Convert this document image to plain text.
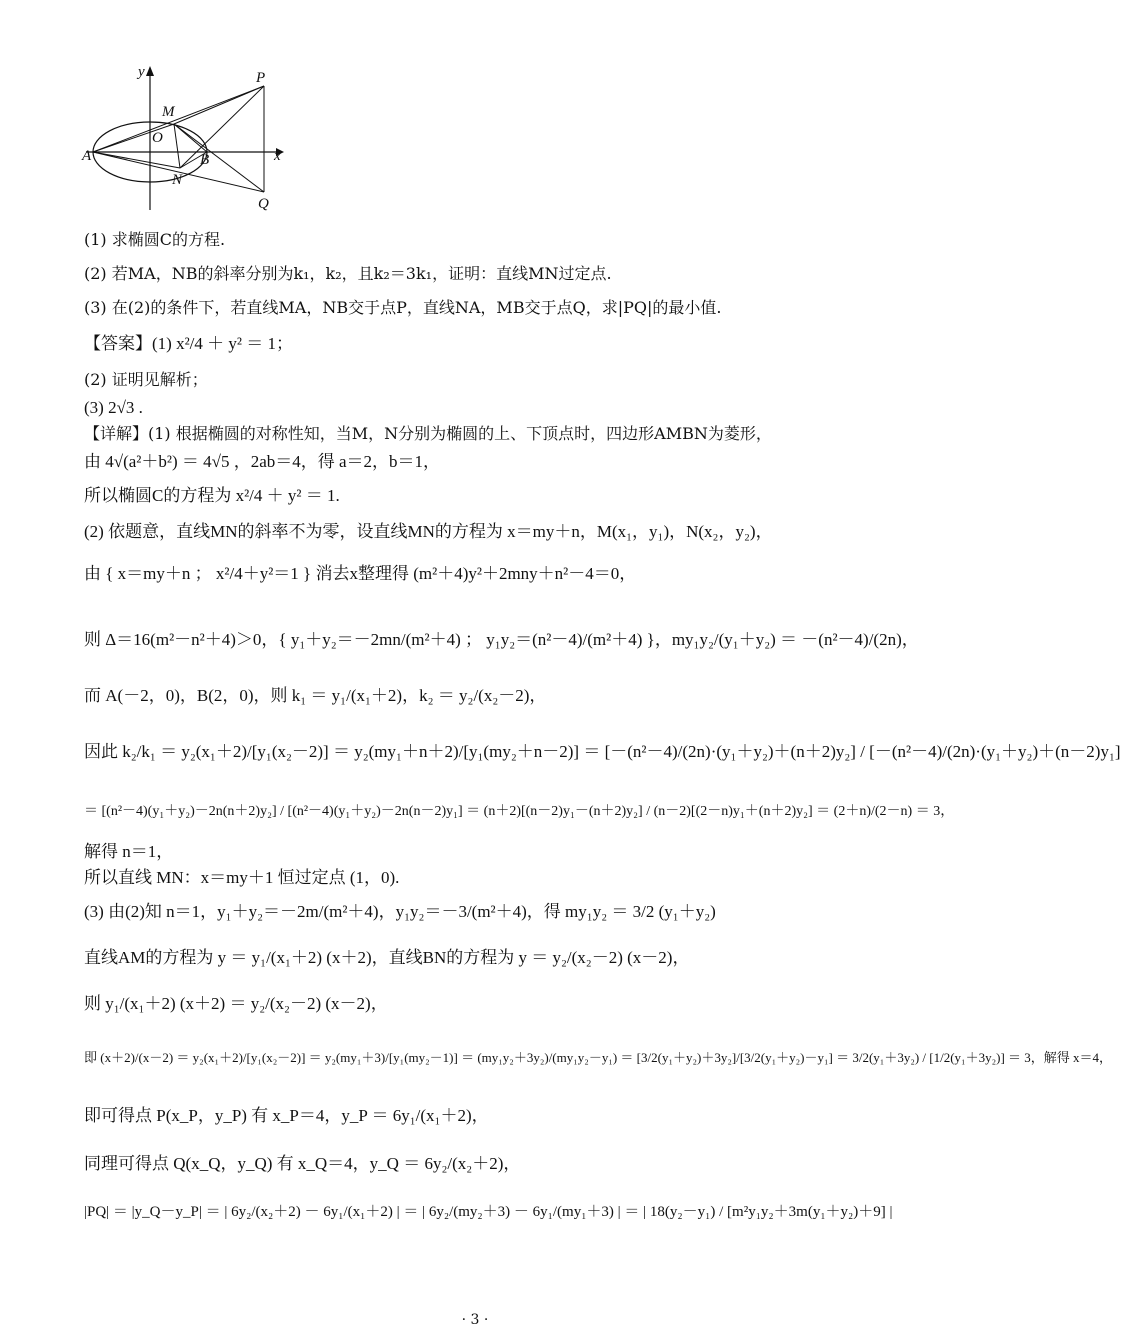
y
x
P
M
O
A	B
N
Q
(1) 求椭圆C的方程.
(2) 若MA，NB的斜率分别为k₁，k₂，且k₂＝3k₁，证明：直线MN过定点.
(3) 在(2)的条件下，若直线MA，NB交于点P，直线NA，MB交于点Q，求|PQ|的最小值.
【答案】(1) x²/4 ＋ y² ＝ 1；
(2) 证明见解析；
(3) 2√3 .
【详解】(1) 根据椭圆的对称性知，当M，N分别为椭圆的上、下顶点时，四边形AMBN为菱形，
由 4√(a²＋b²) ＝ 4√5 ，2ab＝4，得 a＝2，b＝1，
所以椭圆C的方程为 x²/4 ＋ y² ＝ 1.
(2) 依题意，直线MN的斜率不为零，设直线MN的方程为 x＝my＋n，M(x₁，y₁)，N(x₂，y₂)，
由 { x＝my＋n ； x²/4＋y²＝1 } 消去x整理得 (m²＋4)y²＋2mny＋n²－4＝0，
则 Δ＝16(m²－n²＋4)＞0，{ y₁＋y₂＝－2mn/(m²＋4) ； y₁y₂＝(n²－4)/(m²＋4) }，my₁y₂/(y₁＋y₂) ＝ －(n²－4)/(2n)，
而 A(－2，0)，B(2，0)，则 k₁ ＝ y₁/(x₁＋2)，k₂ ＝ y₂/(x₂－2)，
因此 k₂/k₁ ＝ y₂(x₁＋2)/[y₁(x₂－2)] ＝ y₂(my₁＋n＋2)/[y₁(my₂＋n－2)] ＝ [－(n²－4)/(2n)·(y₁＋y₂)＋(n＋2)y₂] / [－(n²－4)/(2n)·(y₁＋y₂)＋(n－2)y₁]
＝ [(n²－4)(y₁＋y₂)－2n(n＋2)y₂] / [(n²－4)(y₁＋y₂)－2n(n－2)y₁] ＝ (n＋2)[(n－2)y₁－(n＋2)y₂] / (n－2)[(2－n)y₁＋(n＋2)y₂] ＝ (2＋n)/(2－n) ＝ 3，
解得 n＝1，
所以直线 MN：x＝my＋1 恒过定点 (1，0).
(3) 由(2)知 n＝1，y₁＋y₂＝－2m/(m²＋4)，y₁y₂＝－3/(m²＋4)，得 my₁y₂ ＝ 3/2 (y₁＋y₂)
直线AM的方程为 y ＝ y₁/(x₁＋2) (x＋2)，直线BN的方程为 y ＝ y₂/(x₂－2) (x－2)，
则 y₁/(x₁＋2) (x＋2) ＝ y₂/(x₂－2) (x－2)，
即 (x＋2)/(x－2) ＝ y₂(x₁＋2)/[y₁(x₂－2)] ＝ y₂(my₁＋3)/[y₁(my₂－1)] ＝ (my₁y₂＋3y₂)/(my₁y₂－y₁) ＝ [3/2(y₁＋y₂)＋3y₂]/[3/2(y₁＋y₂)－y₁] ＝ 3/2(y₁＋3y₂) / [1/2(y₁＋3y₂)] ＝ 3，解得 x＝4，
即可得点 P(x_P，y_P) 有 x_P＝4，y_P ＝ 6y₁/(x₁＋2)，
同理可得点 Q(x_Q，y_Q) 有 x_Q＝4，y_Q ＝ 6y₂/(x₂＋2)，
|PQ| ＝ |y_Q－y_P| ＝ | 6y₂/(x₂＋2) － 6y₁/(x₁＋2) | ＝ | 6y₂/(my₂＋3) － 6y₁/(my₁＋3) | ＝ | 18(y₂－y₁) / [m²y₁y₂＋3m(y₁＋y₂)＋9] |
· 3 ·
